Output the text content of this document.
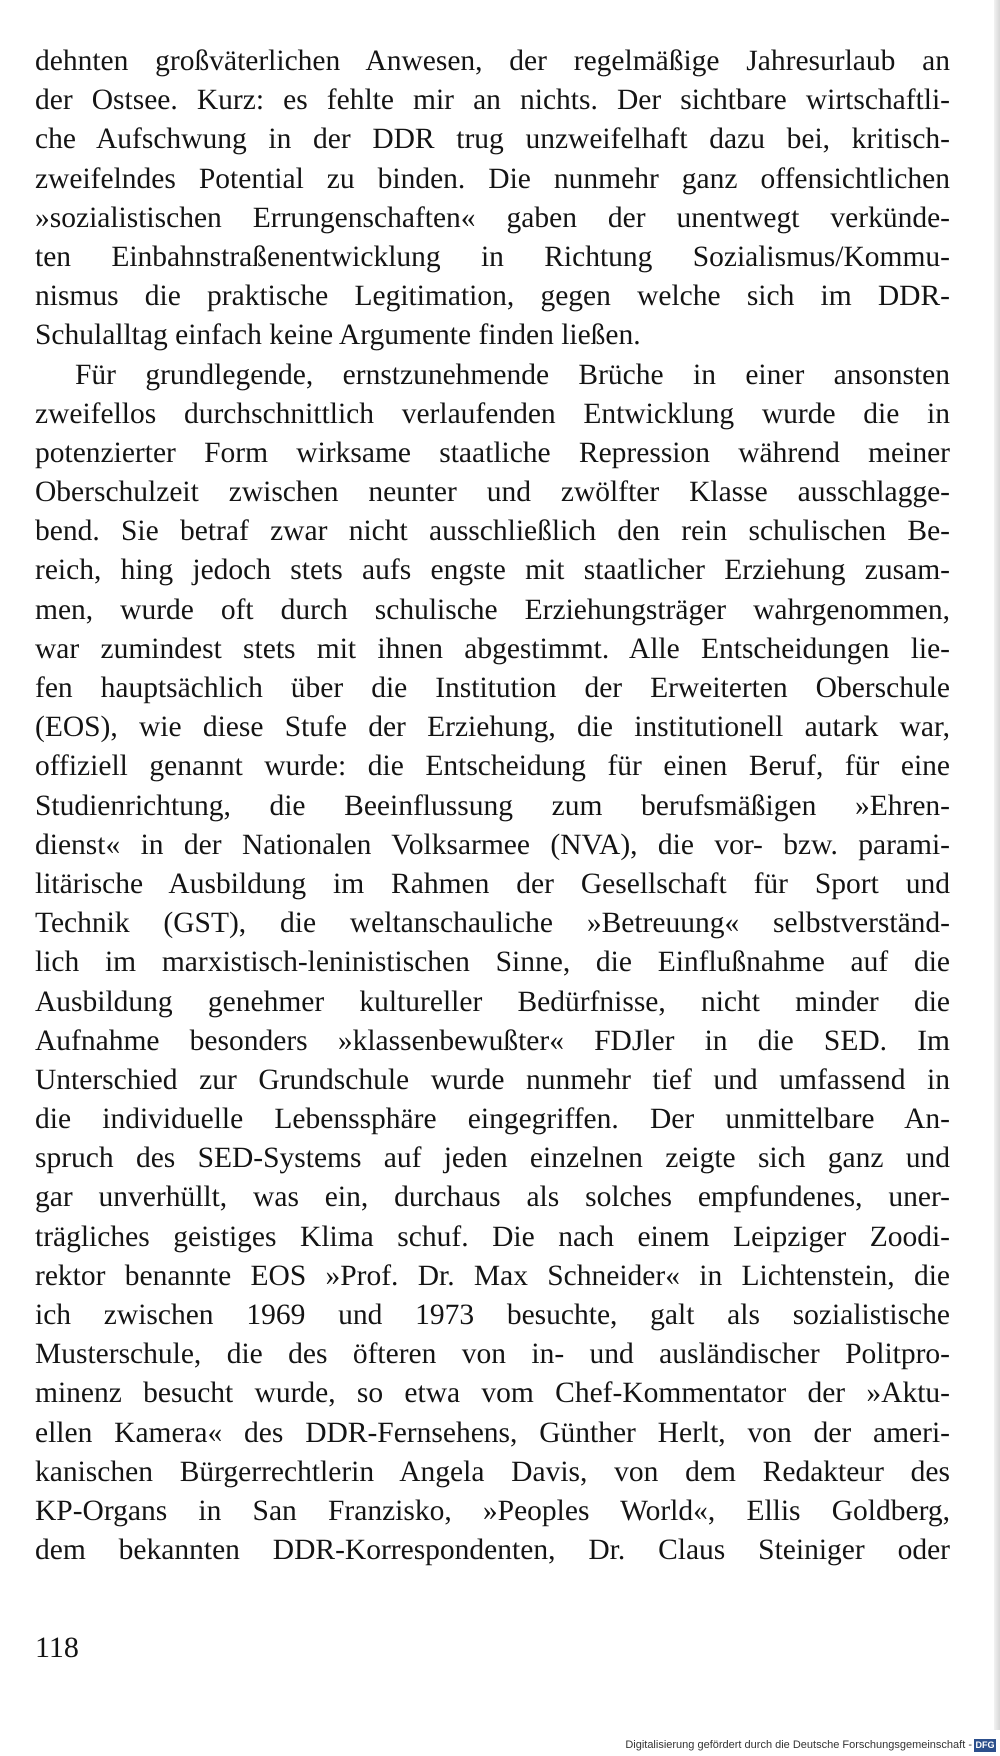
dehnten großväterlichen Anwesen, der regelmäßige Jahresurlaub an
der Ostsee. Kurz: es fehlte mir an nichts. Der sichtbare wirtschaftli-
che Aufschwung in der DDR trug unzweifelhaft dazu bei, kritisch-
zweifelndes Potential zu binden. Die nunmehr ganz offensichtlichen
»sozialistischen Errungenschaften« gaben der unentwegt verkünde-
ten Einbahnstraßenentwicklung in Richtung Sozialismus/Kommu-
nismus die praktische Legitimation, gegen welche sich im DDR-
Schulalltag einfach keine Argumente finden ließen.
Für grundlegende, ernstzunehmende Brüche in einer ansonsten
zweifellos durchschnittlich verlaufenden Entwicklung wurde die in
potenzierter Form wirksame staatliche Repression während meiner
Oberschulzeit zwischen neunter und zwölfter Klasse ausschlagge-
bend. Sie betraf zwar nicht ausschließlich den rein schulischen Be-
reich, hing jedoch stets aufs engste mit staatlicher Erziehung zusam-
men, wurde oft durch schulische Erziehungsträger wahrgenommen,
war zumindest stets mit ihnen abgestimmt. Alle Entscheidungen lie-
fen hauptsächlich über die Institution der Erweiterten Oberschule
(EOS), wie diese Stufe der Erziehung, die institutionell autark war,
offiziell genannt wurde: die Entscheidung für einen Beruf, für eine
Studienrichtung, die Beeinflussung zum berufsmäßigen »Ehren-
dienst« in der Nationalen Volksarmee (NVA), die vor- bzw. parami-
litärische Ausbildung im Rahmen der Gesellschaft für Sport und
Technik (GST), die weltanschauliche »Betreuung« selbstverständ-
lich im marxistisch-leninistischen Sinne, die Einflußnahme auf die
Ausbildung genehmer kultureller Bedürfnisse, nicht minder die
Aufnahme besonders »klassenbewußter« FDJler in die SED. Im
Unterschied zur Grundschule wurde nunmehr tief und umfassend in
die individuelle Lebenssphäre eingegriffen. Der unmittelbare An-
spruch des SED-Systems auf jeden einzelnen zeigte sich ganz und
gar unverhüllt, was ein, durchaus als solches empfundenes, uner-
trägliches geistiges Klima schuf. Die nach einem Leipziger Zoodi-
rektor benannte EOS »Prof. Dr. Max Schneider« in Lichtenstein, die
ich zwischen 1969 und 1973 besuchte, galt als sozialistische
Musterschule, die des öfteren von in- und ausländischer Politpro-
minenz besucht wurde, so etwa vom Chef-Kommentator der »Aktu-
ellen Kamera« des DDR-Fernsehens, Günther Herlt, von der ameri-
kanischen Bürgerrechtlerin Angela Davis, von dem Redakteur des
KP-Organs in San Franzisko, »Peoples World«, Ellis Goldberg,
dem bekannten DDR-Korrespondenten, Dr. Claus Steiniger oder
118
Digitalisierung gefördert durch die Deutsche Forschungsgemeinschaft - DFG
